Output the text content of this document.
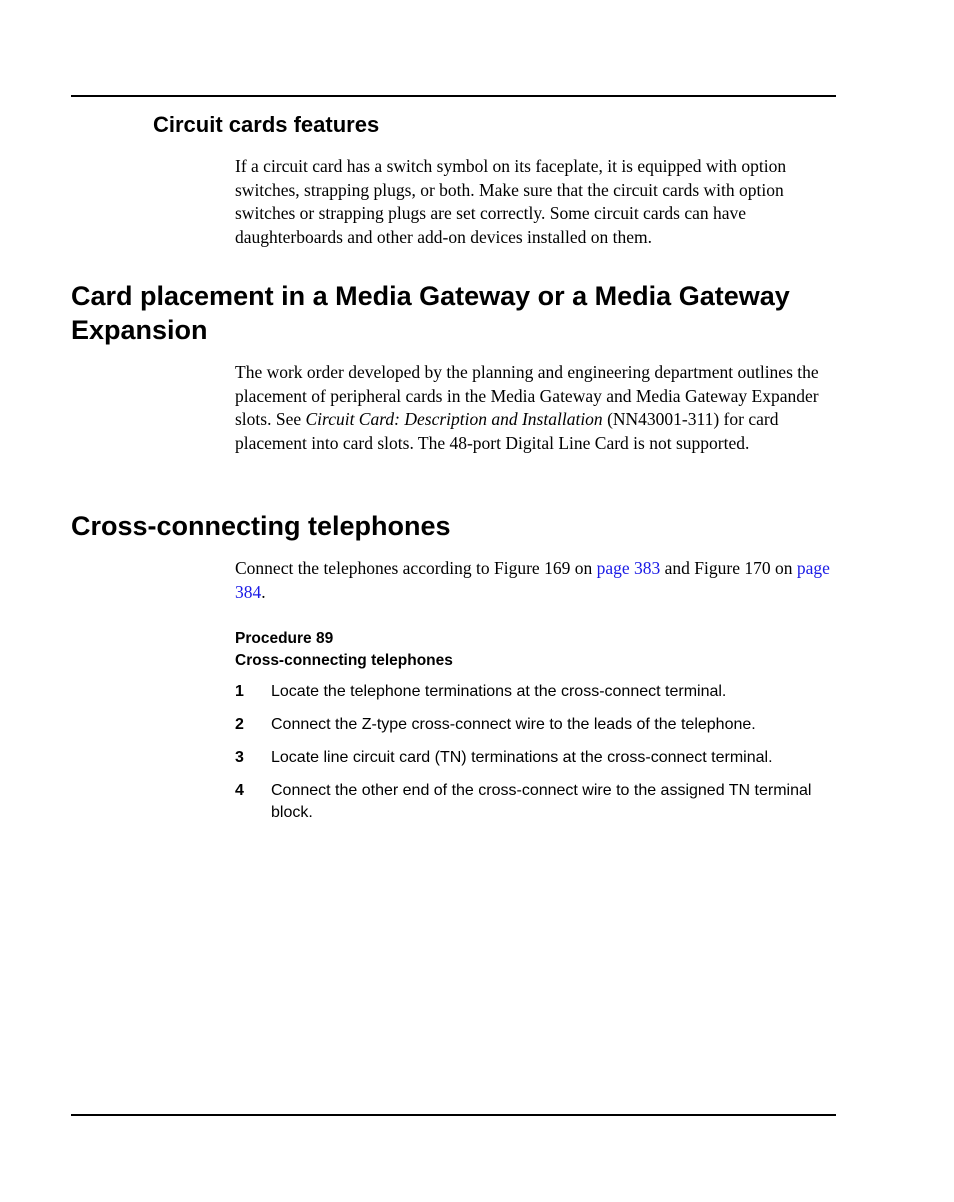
Circuit cards features

If a circuit card has a switch symbol on its faceplate, it is equipped with option switches, strapping plugs, or both. Make sure that the circuit cards with option switches or strapping plugs are set correctly. Some circuit cards can have daughterboards and other add-on devices installed on them.

Card placement in a Media Gateway or a Media Gateway Expansion

The work order developed by the planning and engineering department outlines the placement of peripheral cards in the Media Gateway and Media Gateway Expander slots. See Circuit Card: Description and Installation (NN43001-311) for card placement into card slots. The 48-port Digital Line Card is not supported.

Cross-connecting telephones

Connect the telephones according to Figure 169 on page 383 and Figure 170 on page 384.

Procedure 89
Cross-connecting telephones
1 Locate the telephone terminations at the cross-connect terminal.
2 Connect the Z-type cross-connect wire to the leads of the telephone.
3 Locate line circuit card (TN) terminations at the cross-connect terminal.
4 Connect the other end of the cross-connect wire to the assigned TN terminal block.
